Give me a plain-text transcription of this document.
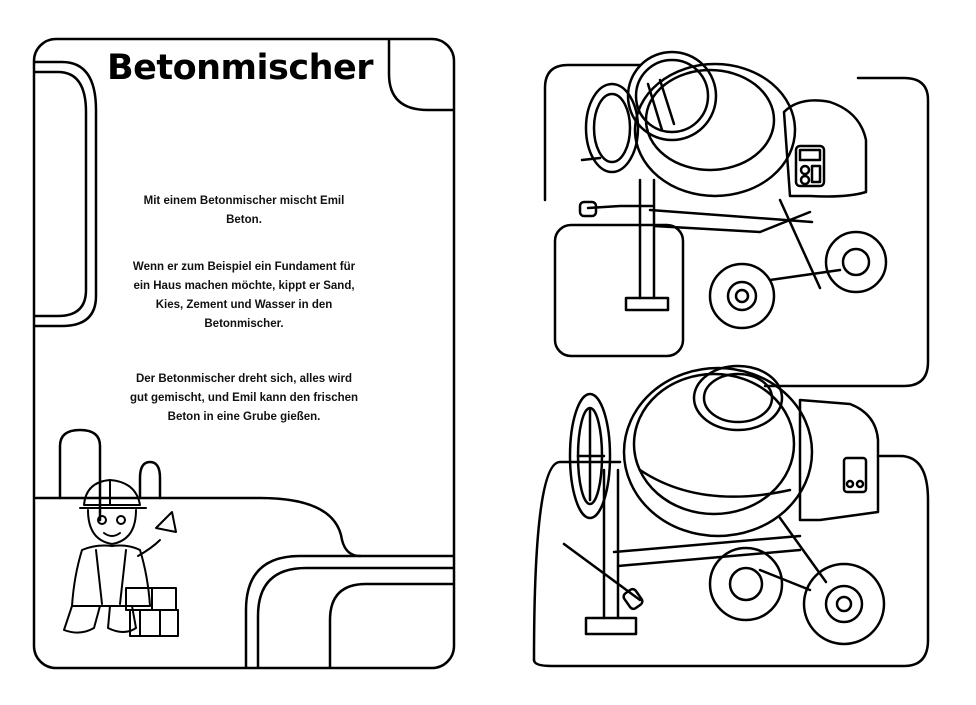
Betonmischer
Mit einem Betonmischer mischt Emil Beton.
Wenn er zum Beispiel ein Fundament für ein Haus machen möchte, kippt er Sand, Kies, Zement und Wasser in den Betonmischer.
Der Betonmischer dreht sich, alles wird gut gemischt, und Emil kann den frischen Beton in eine Grube gießen.
